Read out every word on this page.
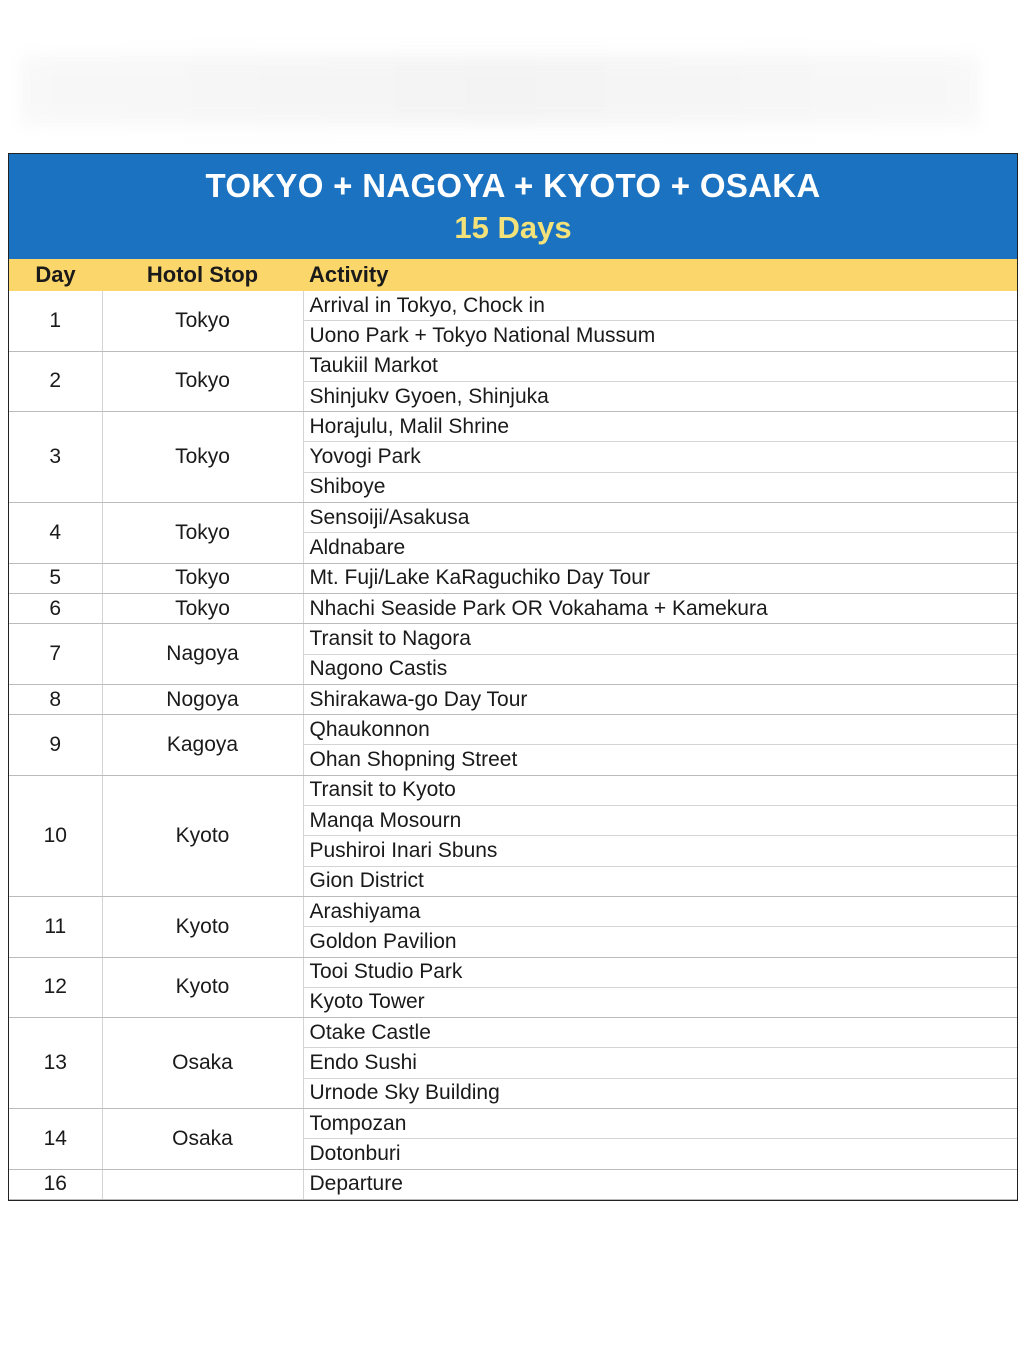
TOKYO + NAGOYA + KYOTO + OSAKA
15 Days
Day	Hotol Stop	Activity
1	Tokyo	Arrival in Tokyo, Chock in
		Uono Park + Tokyo National Mussum
2	Tokyo	Taukiil Markot
		Shinjukv Gyoen, Shinjuka
3	Tokyo	Horajulu, Malil Shrine
		Yovogi Park
		Shiboye
4	Tokyo	Sensoiji/Asakusa
		Aldnabare
5	Tokyo	Mt. Fuji/Lake KaRaguchiko Day Tour
6	Tokyo	Nhachi Seaside Park OR Vokahama + Kamekura
7	Nagoya	Transit to Nagora
		Nagono Castis
8	Nogoya	Shirakawa-go Day Tour
9	Kagoya	Qhaukonnon
		Ohan Shopning Street
10	Kyoto	Transit to Kyoto
		Manqa Mosourn
		Pushiroi Inari Sbuns
		Gion District
11	Kyoto	Arashiyama
		Goldon Pavilion
12	Kyoto	Tooi Studio Park
		Kyoto Tower
13	Osaka	Otake Castle
		Endo Sushi
		Urnode Sky Building
14	Osaka	Tompozan
		Dotonburi
16		Departure
